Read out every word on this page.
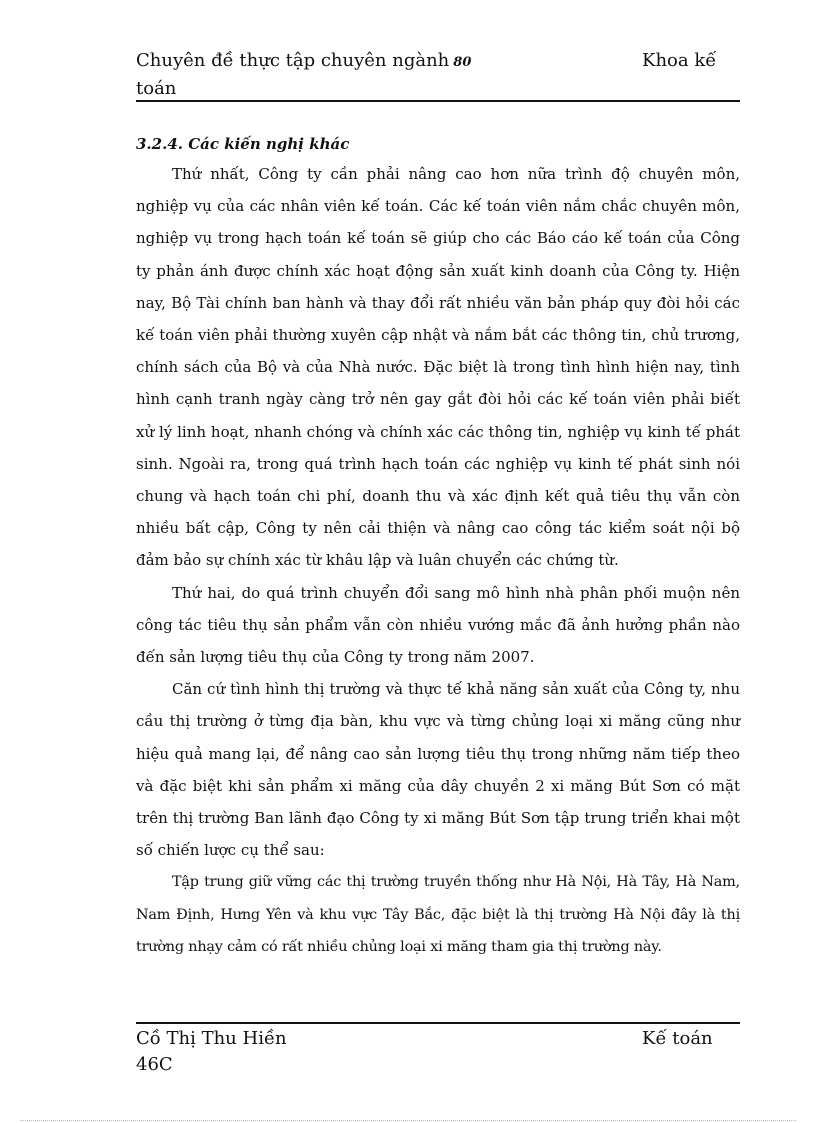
Chuyên đề thực tập chuyên ngành 80
toán
Khoa kế
3.2.4. Các kiến nghị khác

Thứ nhất, Công ty cần phải nâng cao hơn nữa trình độ chuyên môn, nghiệp vụ của các nhân viên kế toán. Các kế toán viên nắm chắc chuyên môn, nghiệp vụ trong hạch toán kế toán sẽ giúp cho các Báo cáo kế toán của Công ty phản ánh được chính xác hoạt động sản xuất kinh doanh của Công ty. Hiện nay, Bộ Tài chính ban hành và thay đổi rất nhiều văn bản pháp quy đòi hỏi các kế toán viên phải thường xuyên cập nhật và nắm bắt các thông tin, chủ trương, chính sách của Bộ và của Nhà nước. Đặc biệt là trong tình hình hiện nay, tình hình cạnh tranh ngày càng trở nên gay gắt đòi hỏi các kế toán viên phải biết xử lý linh hoạt, nhanh chóng và chính xác các thông tin, nghiệp vụ kinh tế phát sinh. Ngoài ra, trong quá trình hạch toán các nghiệp vụ kinh tế phát sinh nói chung và hạch toán chi phí, doanh thu và xác định kết quả tiêu thụ vẫn còn nhiều bất cập, Công ty nên cải thiện và nâng cao công tác kiểm soát nội bộ đảm bảo sự chính xác từ khâu lập và luân chuyển các chứng từ.

Thứ hai, do quá trình chuyển đổi sang mô hình nhà phân phối muộn nên công tác tiêu thụ sản phẩm vẫn còn nhiều vướng mắc đã ảnh hưởng phần nào đến sản lượng tiêu thụ của Công ty trong năm 2007.

Căn cứ tình hình thị trường và thực tế khả năng sản xuất của Công ty, nhu cầu thị trường ở từng địa bàn, khu vực và từng chủng loại xi măng cũng như hiệu quả mang lại, để nâng cao sản lượng tiêu thụ trong những năm tiếp theo và đặc biệt khi sản phẩm xi măng của dây chuyền 2 xi măng Bút Sơn có mặt trên thị trường Ban lãnh đạo Công ty xi măng Bút Sơn tập trung triển khai một số chiến lược cụ thể sau:

Tập trung giữ vững các thị trường truyền thống như Hà Nội, Hà Tây, Hà Nam, Nam Định, Hưng Yên và khu vực Tây Bắc, đặc biệt là thị trường Hà Nội đây là thị trường nhạy cảm có rất nhiều chủng loại xi măng tham gia thị trường này.

Cồ Thị Thu Hiền
46C
Kế toán
